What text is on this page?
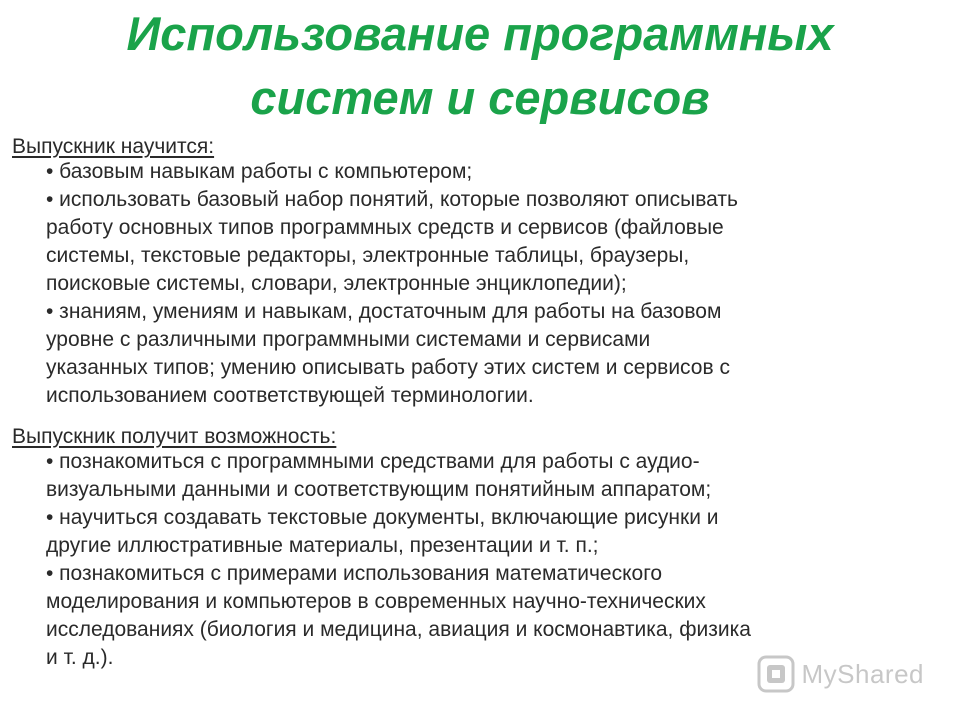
Использование программных
систем и сервисов

Выпускник научится:

• базовым навыкам работы с компьютером;
• использовать базовый набор понятий, которые позволяют описывать
работу основных типов программных средств и сервисов (файловые
системы, текстовые редакторы, электронные таблицы, браузеры,
поисковые системы, словари, электронные энциклопедии);
• знаниям, умениям и навыкам, достаточным для работы на базовом
уровне с различными программными системами и сервисами
указанных типов; умению описывать работу этих систем и сервисов с
использованием соответствующей терминологии.

Выпускник получит возможность:

• познакомиться с программными средствами для работы с аудио-
визуальными данными и соответствующим понятийным аппаратом;
• научиться создавать текстовые документы, включающие рисунки и
другие иллюстративные материалы, презентации и т. п.;
• познакомиться с примерами использования математического
моделирования и компьютеров в современных научно-технических
исследованиях (биология и медицина, авиация и космонавтика, физика
и т. д.).
MyShared
